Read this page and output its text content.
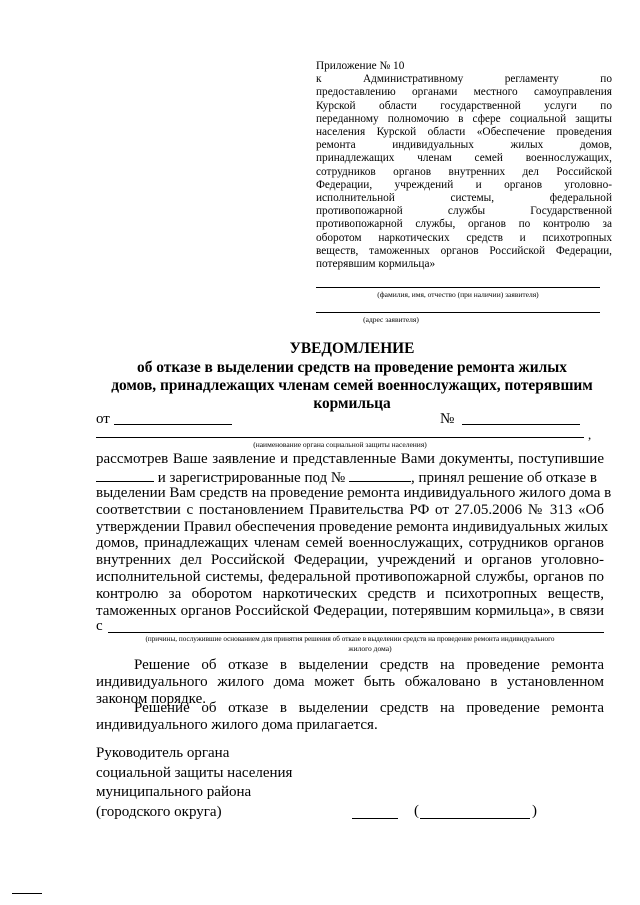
Приложение № 10
к Административному регламенту по
предоставлению органами местного самоуправления
Курской области государственной услуги по
переданному полномочию в сфере социальной защиты
населения Курской области «Обеспечение проведения
ремонта индивидуальных жилых домов,
принадлежащих членам семей военнослужащих,
сотрудников органов внутренних дел Российской
Федерации, учреждений и органов уголовно-
исполнительной системы, федеральной
противопожарной службы Государственной
противопожарной службы, органов по контролю за
оборотом наркотических средств и психотропных
веществ, таможенных органов Российской Федерации,
потерявшим кормильца»
(фамилия, имя, отчество (при наличии) заявителя)
(адрес заявителя)
УВЕДОМЛЕНИЕ
об отказе в выделении средств на проведение ремонта жилых
домов, принадлежащих членам семей военнослужащих, потерявшим
кормильца
от	№
,
(наименование органа социальной защиты населения)
рассмотрев Ваше заявление и представленные Вами документы, поступившие
и зарегистрированные под №	, принял решение об отказе в
выделении Вам средств на проведение ремонта индивидуального жилого дома в
соответствии с постановлением Правительства РФ от 27.05.2006 № 313 «Об
утверждении Правил обеспечения проведение ремонта индивидуальных жилых
домов, принадлежащих членам семей военнослужащих, сотрудников органов
внутренних дел Российской Федерации, учреждений и органов уголовно-
исполнительной системы, федеральной противопожарной службы, органов по
контролю за оборотом наркотических средств и психотропных веществ,
таможенных органов Российской Федерации, потерявшим кормильца», в связи
с
(причины, послужившие основанием для принятия решения об отказе в выделении средств на проведение ремонта индивидуального
жилого дома)
Решение об отказе в выделении средств на проведение ремонта
индивидуального жилого дома может быть обжаловано в установленном
законом порядке.
Решение об отказе в выделении средств на проведение ремонта
индивидуального жилого дома прилагается.
Руководитель органа
социальной защиты населения
муниципального района
(городского округа)	(	)
